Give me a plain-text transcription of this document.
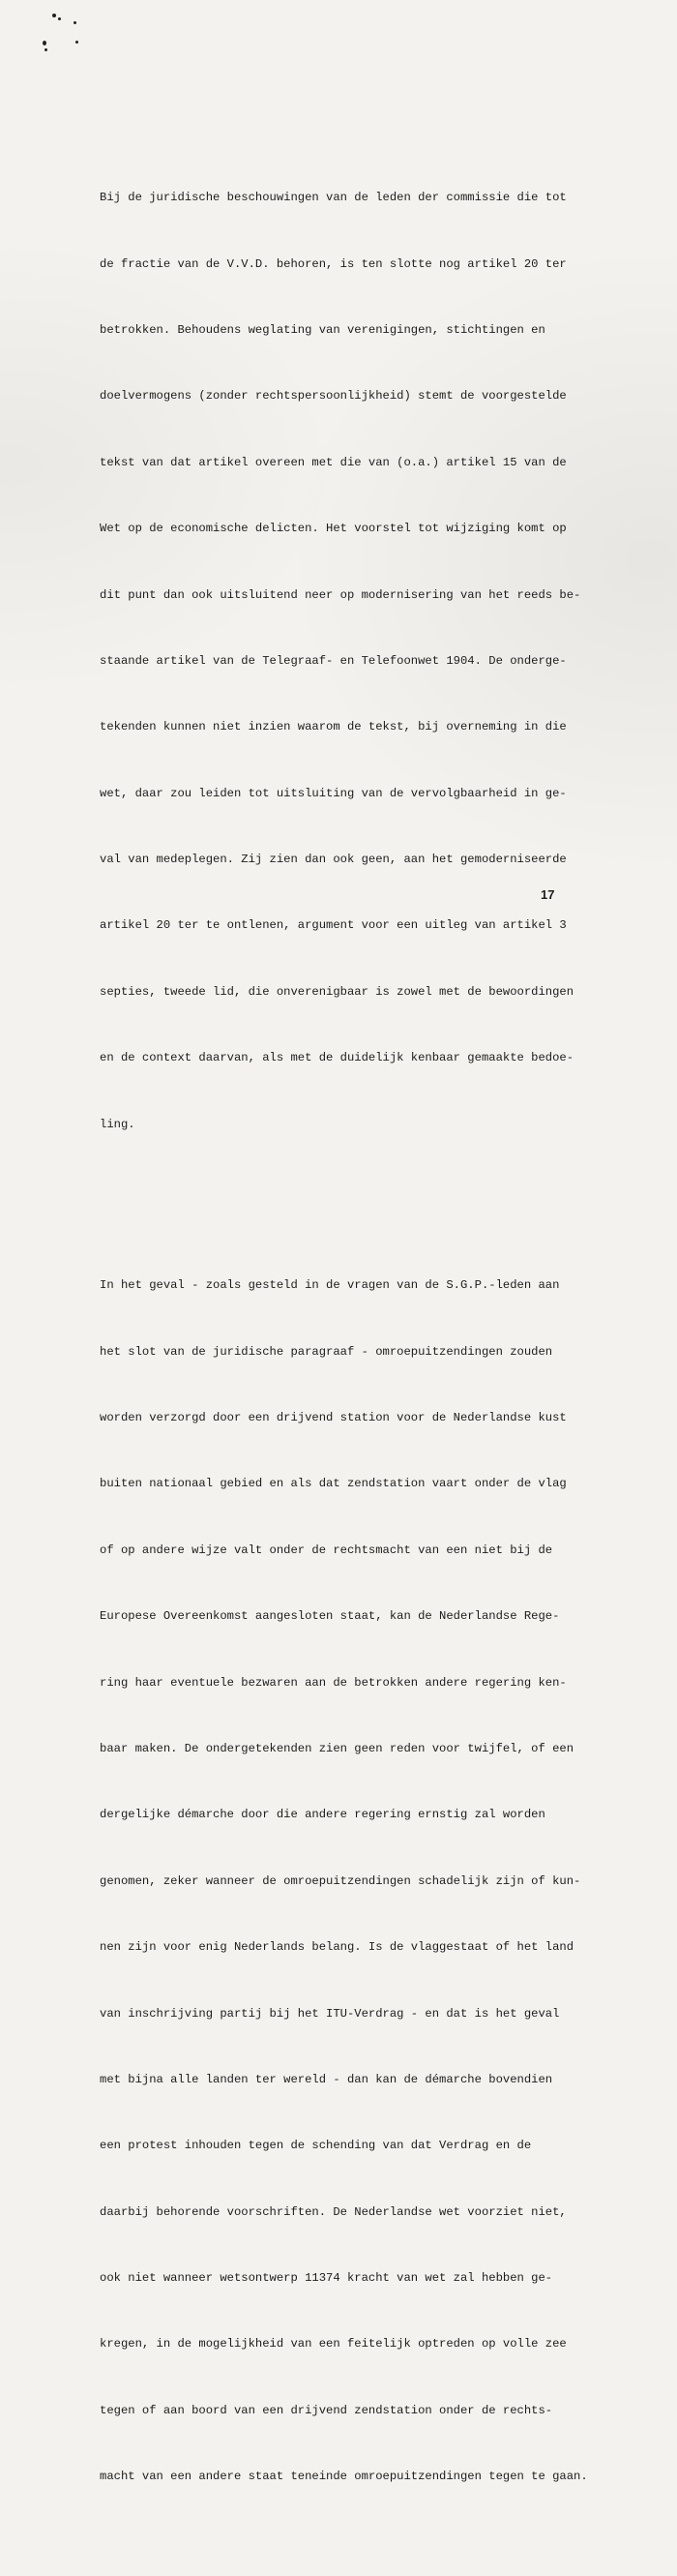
Bij de juridische beschouwingen van de leden der commissie die tot

de fractie van de V.V.D. behoren, is ten slotte nog artikel 20 ter

betrokken. Behoudens weglating van verenigingen, stichtingen en

doelvermogens (zonder rechtspersoonlijkheid) stemt de voorgestelde

tekst van dat artikel overeen met die van (o.a.) artikel 15 van de

Wet op de economische delicten. Het voorstel tot wijziging komt op

dit punt dan ook uitsluitend neer op modernisering van het reeds be-

staande artikel van de Telegraaf- en Telefoonwet 1904. De onderge-

tekenden kunnen niet inzien waarom de tekst, bij overneming in die

wet, daar zou leiden tot uitsluiting van de vervolgbaarheid in ge-

val van medeplegen. Zij zien dan ook geen, aan het gemoderniseerde

artikel 20 ter te ontlenen, argument voor een uitleg van artikel 3

septies, tweede lid, die onverenigbaar is zowel met de bewoordingen

en de context daarvan, als met de duidelijk kenbaar gemaakte bedoe-

ling.

In het geval - zoals gesteld in de vragen van de S.G.P.-leden aan

het slot van de juridische paragraaf - omroepuitzendingen zouden

worden verzorgd door een drijvend station voor de Nederlandse kust

buiten nationaal gebied en als dat zendstation vaart onder de vlag

of op andere wijze valt onder de rechtsmacht van een niet bij de

Europese Overeenkomst aangesloten staat, kan de Nederlandse Rege-

ring haar eventuele bezwaren aan de betrokken andere regering ken-

baar maken. De ondergetekenden zien geen reden voor twijfel, of een

dergelijke démarche door die andere regering ernstig zal worden

genomen, zeker wanneer de omroepuitzendingen schadelijk zijn of kun-

nen zijn voor enig Nederlands belang. Is de vlaggestaat of het land

van inschrijving partij bij het ITU-Verdrag - en dat is het geval

met bijna alle landen ter wereld - dan kan de démarche bovendien

een protest inhouden tegen de schending van dat Verdrag en de

daarbij behorende voorschriften. De Nederlandse wet voorziet niet,

ook niet wanneer wetsontwerp 11374 kracht van wet zal hebben ge-

kregen, in de mogelijkheid van een feitelijk optreden op volle zee

tegen of aan boord van een drijvend zendstation onder de rechts-

macht van een andere staat teneinde omroepuitzendingen tegen te gaan.

17
